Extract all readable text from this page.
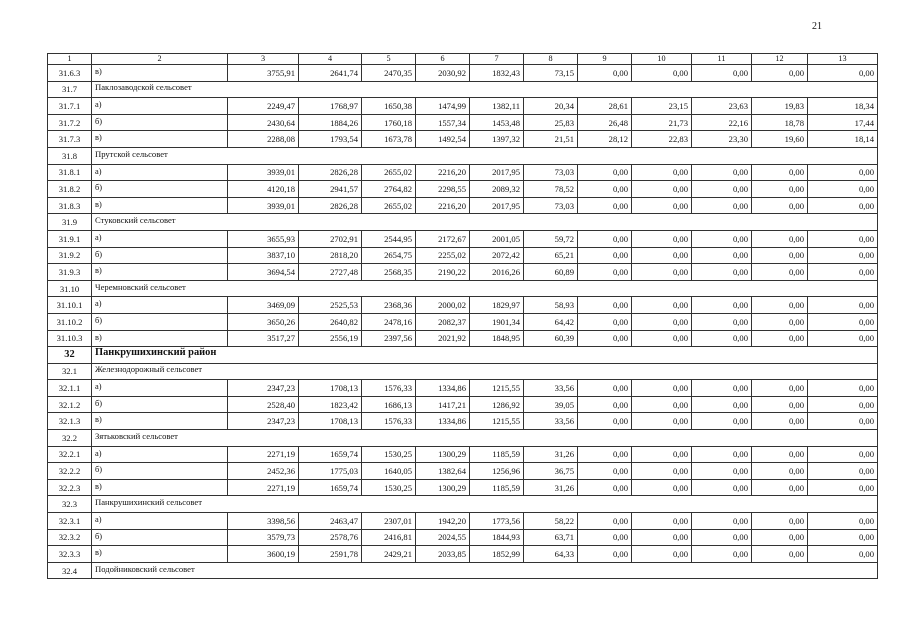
21
1	2	3	4	5	6	7	8	9	10	11	12	13
31.6.3	в)	3755,91	2641,74	2470,35	2030,92	1832,43	73,15	0,00	0,00	0,00	0,00	0,00
31.7	Паклозаводской сельсовет											
31.7.1	а)	2249,47	1768,97	1650,38	1474,99	1382,11	20,34	28,61	23,15	23,63	19,83	18,34
31.7.2	б)	2430,64	1884,26	1760,18	1557,34	1453,48	25,83	26,48	21,73	22,16	18,78	17,44
31.7.3	в)	2288,08	1793,54	1673,78	1492,54	1397,32	21,51	28,12	22,83	23,30	19,60	18,14
31.8	Прутской сельсовет											
31.8.1	а)	3939,01	2826,28	2655,02	2216,20	2017,95	73,03	0,00	0,00	0,00	0,00	0,00
31.8.2	б)	4120,18	2941,57	2764,82	2298,55	2089,32	78,52	0,00	0,00	0,00	0,00	0,00
31.8.3	в)	3939,01	2826,28	2655,02	2216,20	2017,95	73,03	0,00	0,00	0,00	0,00	0,00
31.9	Стуковский сельсовет											
31.9.1	а)	3655,93	2702,91	2544,95	2172,67	2001,05	59,72	0,00	0,00	0,00	0,00	0,00
31.9.2	б)	3837,10	2818,20	2654,75	2255,02	2072,42	65,21	0,00	0,00	0,00	0,00	0,00
31.9.3	в)	3694,54	2727,48	2568,35	2190,22	2016,26	60,89	0,00	0,00	0,00	0,00	0,00
31.10	Черемновский сельсовет											
31.10.1	а)	3469,09	2525,53	2368,36	2000,02	1829,97	58,93	0,00	0,00	0,00	0,00	0,00
31.10.2	б)	3650,26	2640,82	2478,16	2082,37	1901,34	64,42	0,00	0,00	0,00	0,00	0,00
31.10.3	в)	3517,27	2556,19	2397,56	2021,92	1848,95	60,39	0,00	0,00	0,00	0,00	0,00
32	Панкрушихинский район											
32.1	Железнодорожный сельсовет											
32.1.1	а)	2347,23	1708,13	1576,33	1334,86	1215,55	33,56	0,00	0,00	0,00	0,00	0,00
32.1.2	б)	2528,40	1823,42	1686,13	1417,21	1286,92	39,05	0,00	0,00	0,00	0,00	0,00
32.1.3	в)	2347,23	1708,13	1576,33	1334,86	1215,55	33,56	0,00	0,00	0,00	0,00	0,00
32.2	Зятьковский сельсовет											
32.2.1	а)	2271,19	1659,74	1530,25	1300,29	1185,59	31,26	0,00	0,00	0,00	0,00	0,00
32.2.2	б)	2452,36	1775,03	1640,05	1382,64	1256,96	36,75	0,00	0,00	0,00	0,00	0,00
32.2.3	в)	2271,19	1659,74	1530,25	1300,29	1185,59	31,26	0,00	0,00	0,00	0,00	0,00
32.3	Панкрушихинский сельсовет											
32.3.1	а)	3398,56	2463,47	2307,01	1942,20	1773,56	58,22	0,00	0,00	0,00	0,00	0,00
32.3.2	б)	3579,73	2578,76	2416,81	2024,55	1844,93	63,71	0,00	0,00	0,00	0,00	0,00
32.3.3	в)	3600,19	2591,78	2429,21	2033,85	1852,99	64,33	0,00	0,00	0,00	0,00	0,00
32.4	Подойниковский сельсовет											
